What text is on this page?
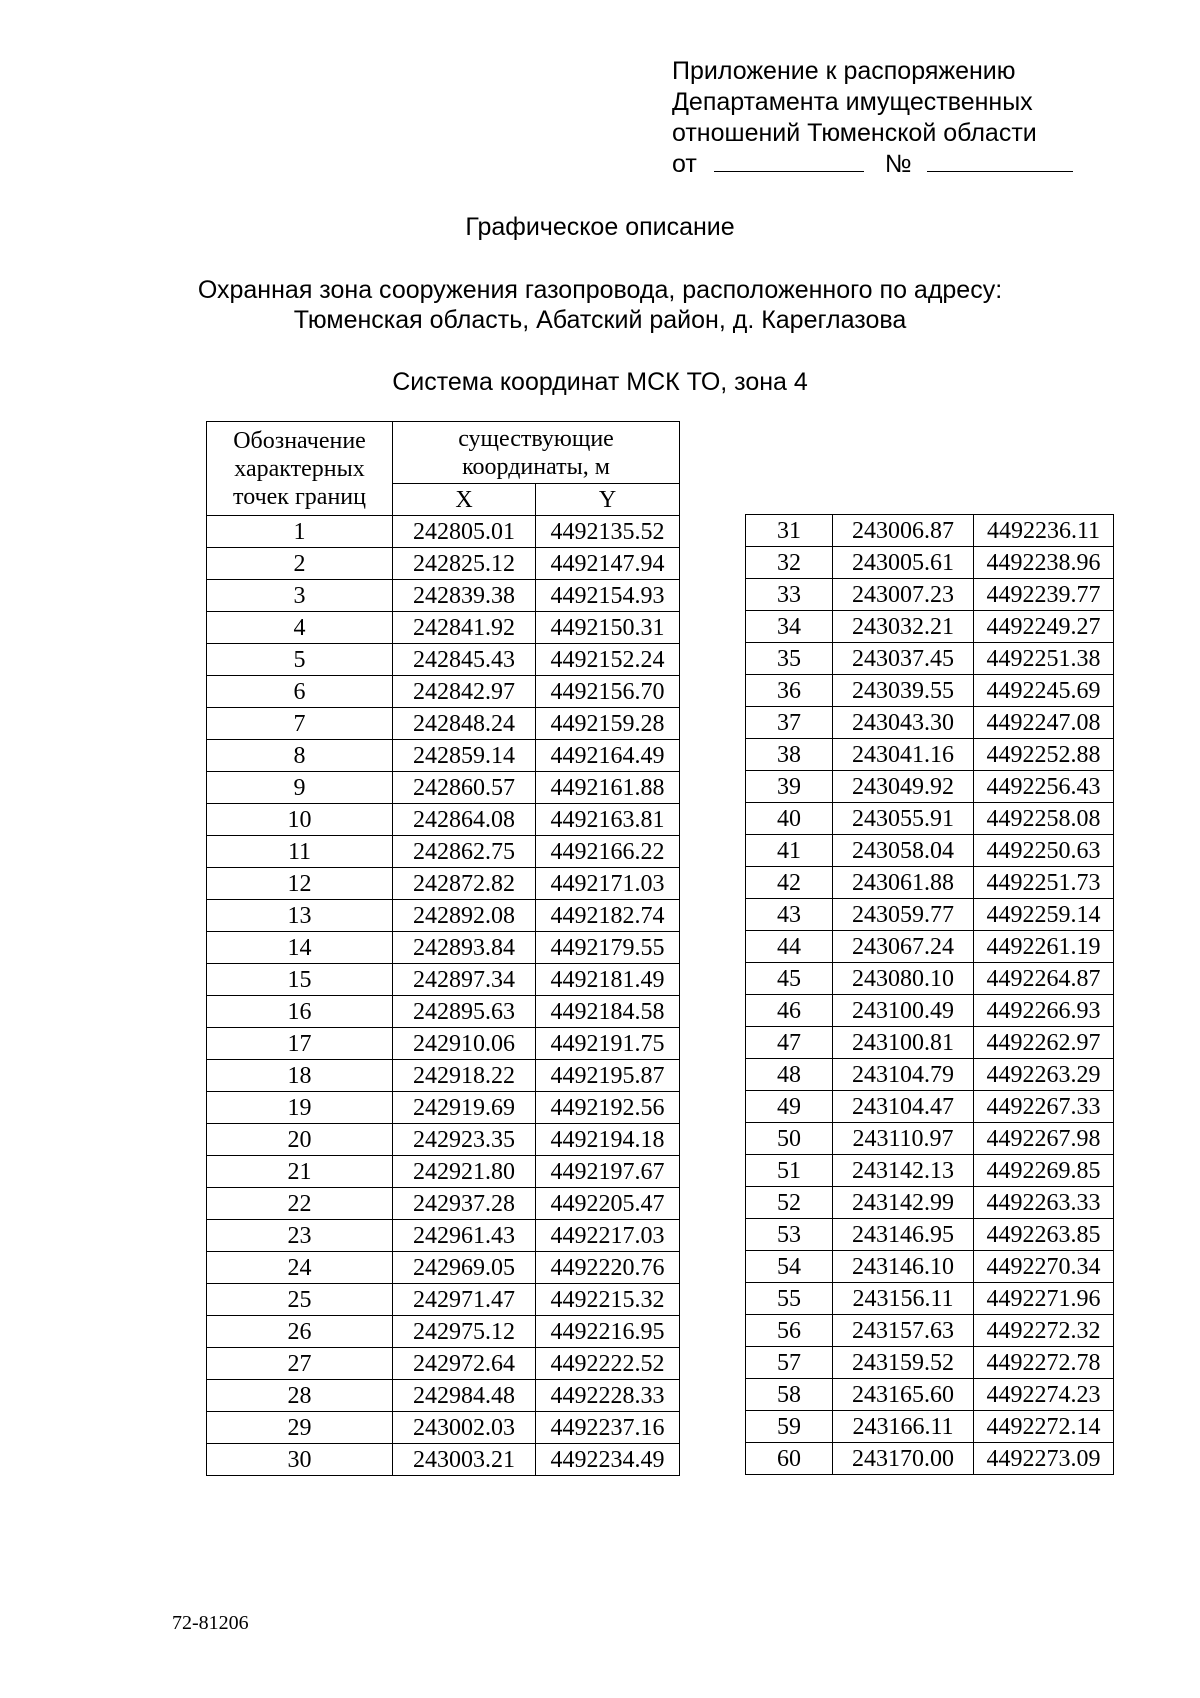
Приложение к распоряжению
Департамента имущественных
отношений Тюменской области
от	№
Графическое описание
Охранная зона сооружения газопровода, расположенного по адресу:
Тюменская область, Абатский район, д. Кареглазова
Система координат МСК ТО, зона 4
Обозначение характерных точек границ	существующие координаты, м	
	X	Y
1	242805.01	4492135.52
2	242825.12	4492147.94
3	242839.38	4492154.93
4	242841.92	4492150.31
5	242845.43	4492152.24
6	242842.97	4492156.70
7	242848.24	4492159.28
8	242859.14	4492164.49
9	242860.57	4492161.88
10	242864.08	4492163.81
11	242862.75	4492166.22
12	242872.82	4492171.03
13	242892.08	4492182.74
14	242893.84	4492179.55
15	242897.34	4492181.49
16	242895.63	4492184.58
17	242910.06	4492191.75
18	242918.22	4492195.87
19	242919.69	4492192.56
20	242923.35	4492194.18
21	242921.80	4492197.67
22	242937.28	4492205.47
23	242961.43	4492217.03
24	242969.05	4492220.76
25	242971.47	4492215.32
26	242975.12	4492216.95
27	242972.64	4492222.52
28	242984.48	4492228.33
29	243002.03	4492237.16
30	243003.21	4492234.49
31	243006.87	4492236.11
32	243005.61	4492238.96
33	243007.23	4492239.77
34	243032.21	4492249.27
35	243037.45	4492251.38
36	243039.55	4492245.69
37	243043.30	4492247.08
38	243041.16	4492252.88
39	243049.92	4492256.43
40	243055.91	4492258.08
41	243058.04	4492250.63
42	243061.88	4492251.73
43	243059.77	4492259.14
44	243067.24	4492261.19
45	243080.10	4492264.87
46	243100.49	4492266.93
47	243100.81	4492262.97
48	243104.79	4492263.29
49	243104.47	4492267.33
50	243110.97	4492267.98
51	243142.13	4492269.85
52	243142.99	4492263.33
53	243146.95	4492263.85
54	243146.10	4492270.34
55	243156.11	4492271.96
56	243157.63	4492272.32
57	243159.52	4492272.78
58	243165.60	4492274.23
59	243166.11	4492272.14
60	243170.00	4492273.09
72-81206
